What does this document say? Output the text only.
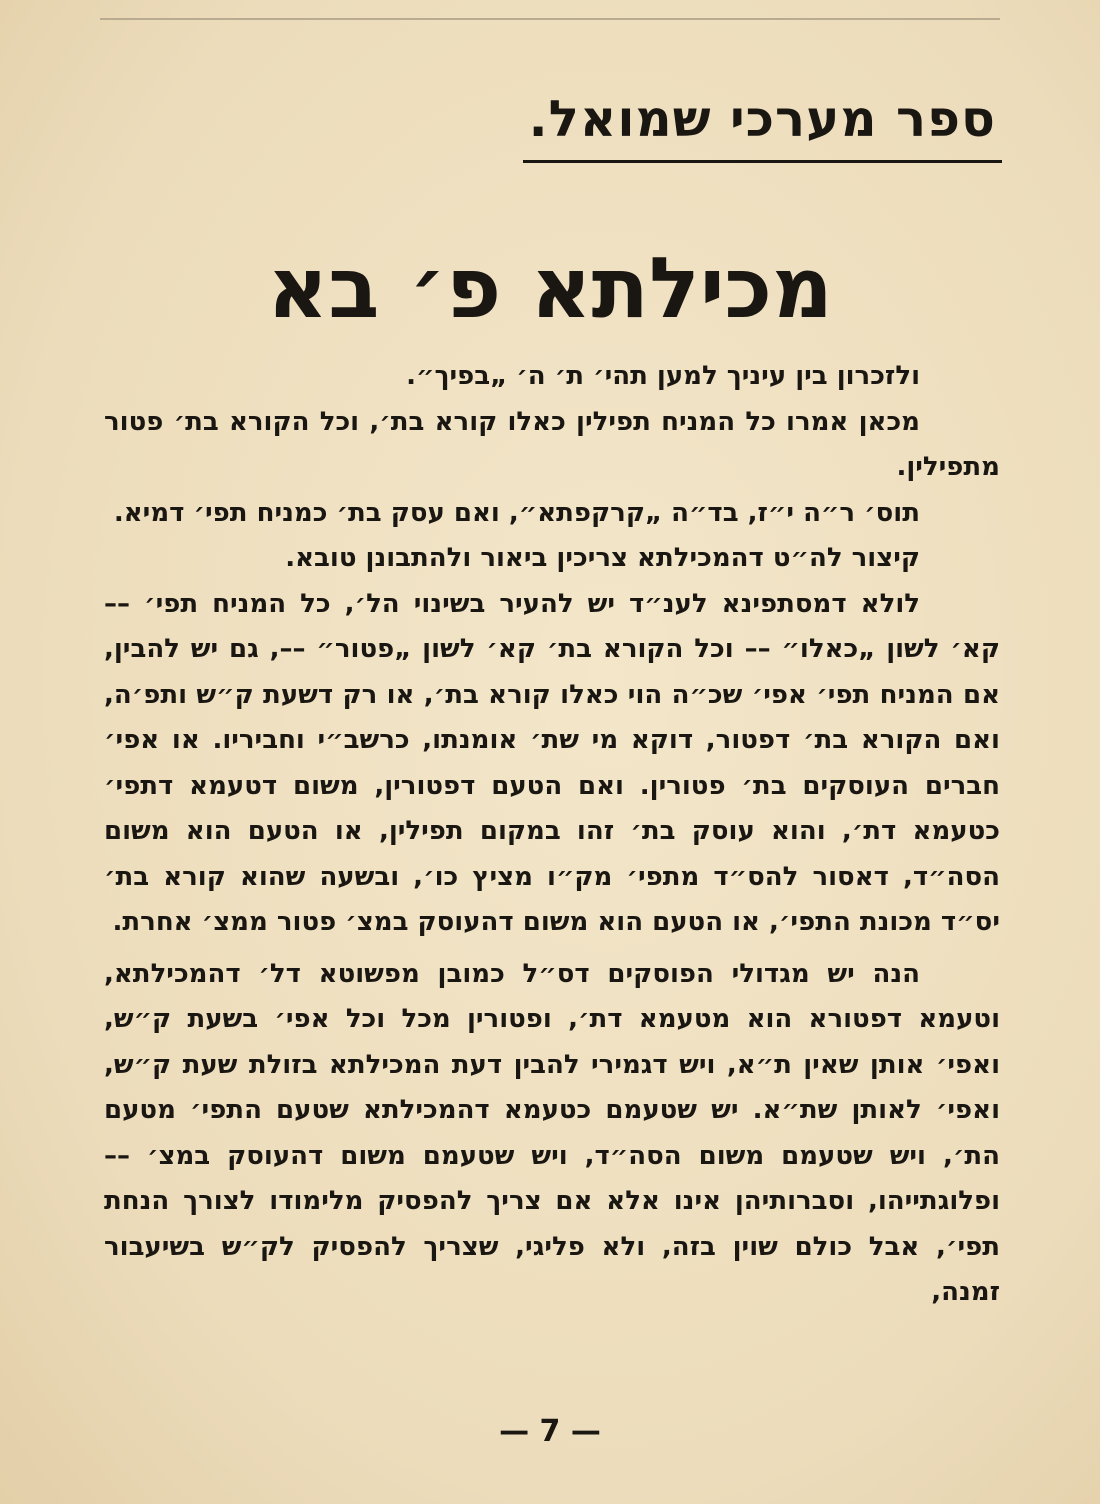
ספר מערכי שמואל.
מכילתא פ׳ בא

ולזכרון בין עיניך למען תהי׳ ת׳ ה׳ „בפיך״.

מכאן אמרו כל המניח תפילין כאלו קורא בת׳, וכל הקורא בת׳ פטור מתפילין.

תוס׳ ר״ה י״ז, בד״ה „קרקפתא״, ואם עסק בת׳ כמניח תפי׳ דמיא.

קיצור לה״ט דהמכילתא צריכין ביאור ולהתבונן טובא.

לולא דמסתפינא לענ״ד יש להעיר בשינוי הל׳, כל המניח תפי׳ –– קא׳ לשון „כאלו״ –– וכל הקורא בת׳ קא׳ לשון „פטור״ ––, גם יש להבין, אם המניח תפי׳ אפי׳ שכ״ה הוי כאלו קורא בת׳, או רק דשעת ק״ש ותפ׳ה, ואם הקורא בת׳ דפטור, דוקא מי שת׳ אומנתו, כרשב״י וחביריו. או אפי׳ חברים העוסקים בת׳ פטורין. ואם הטעם דפטורין, משום דטעמא דתפי׳ כטעמא דת׳, והוא עוסק בת׳ זהו במקום תפילין, או הטעם הוא משום הסה״ד, דאסור להס״ד מתפי׳ מק״ו מציץ כו׳, ובשעה שהוא קורא בת׳ יס״ד מכונת התפי׳, או הטעם הוא משום דהעוסק במצ׳ פטור ממצ׳ אחרת.

הנה יש מגדולי הפוסקים דס״ל כמובן מפשוטא דל׳ דהמכילתא, וטעמא דפטורא הוא מטעמא דת׳, ופטורין מכל וכל אפי׳ בשעת ק״ש, ואפי׳ אותן שאין ת״א, ויש דגמירי להבין דעת המכילתא בזולת שעת ק״ש, ואפי׳ לאותן שת״א. יש שטעמם כטעמא דהמכילתא שטעם התפי׳ מטעם הת׳, ויש שטעמם משום הסה״ד, ויש שטעמם משום דהעוסק במצ׳ –– ופלוגתייהו, וסברותיהן אינו אלא אם צריך להפסיק מלימודו לצורך הנחת תפי׳, אבל כולם שוין בזה, ולא פליגי, שצריך להפסיק לק״ש בשיעבור זמנה,

— 7 —
